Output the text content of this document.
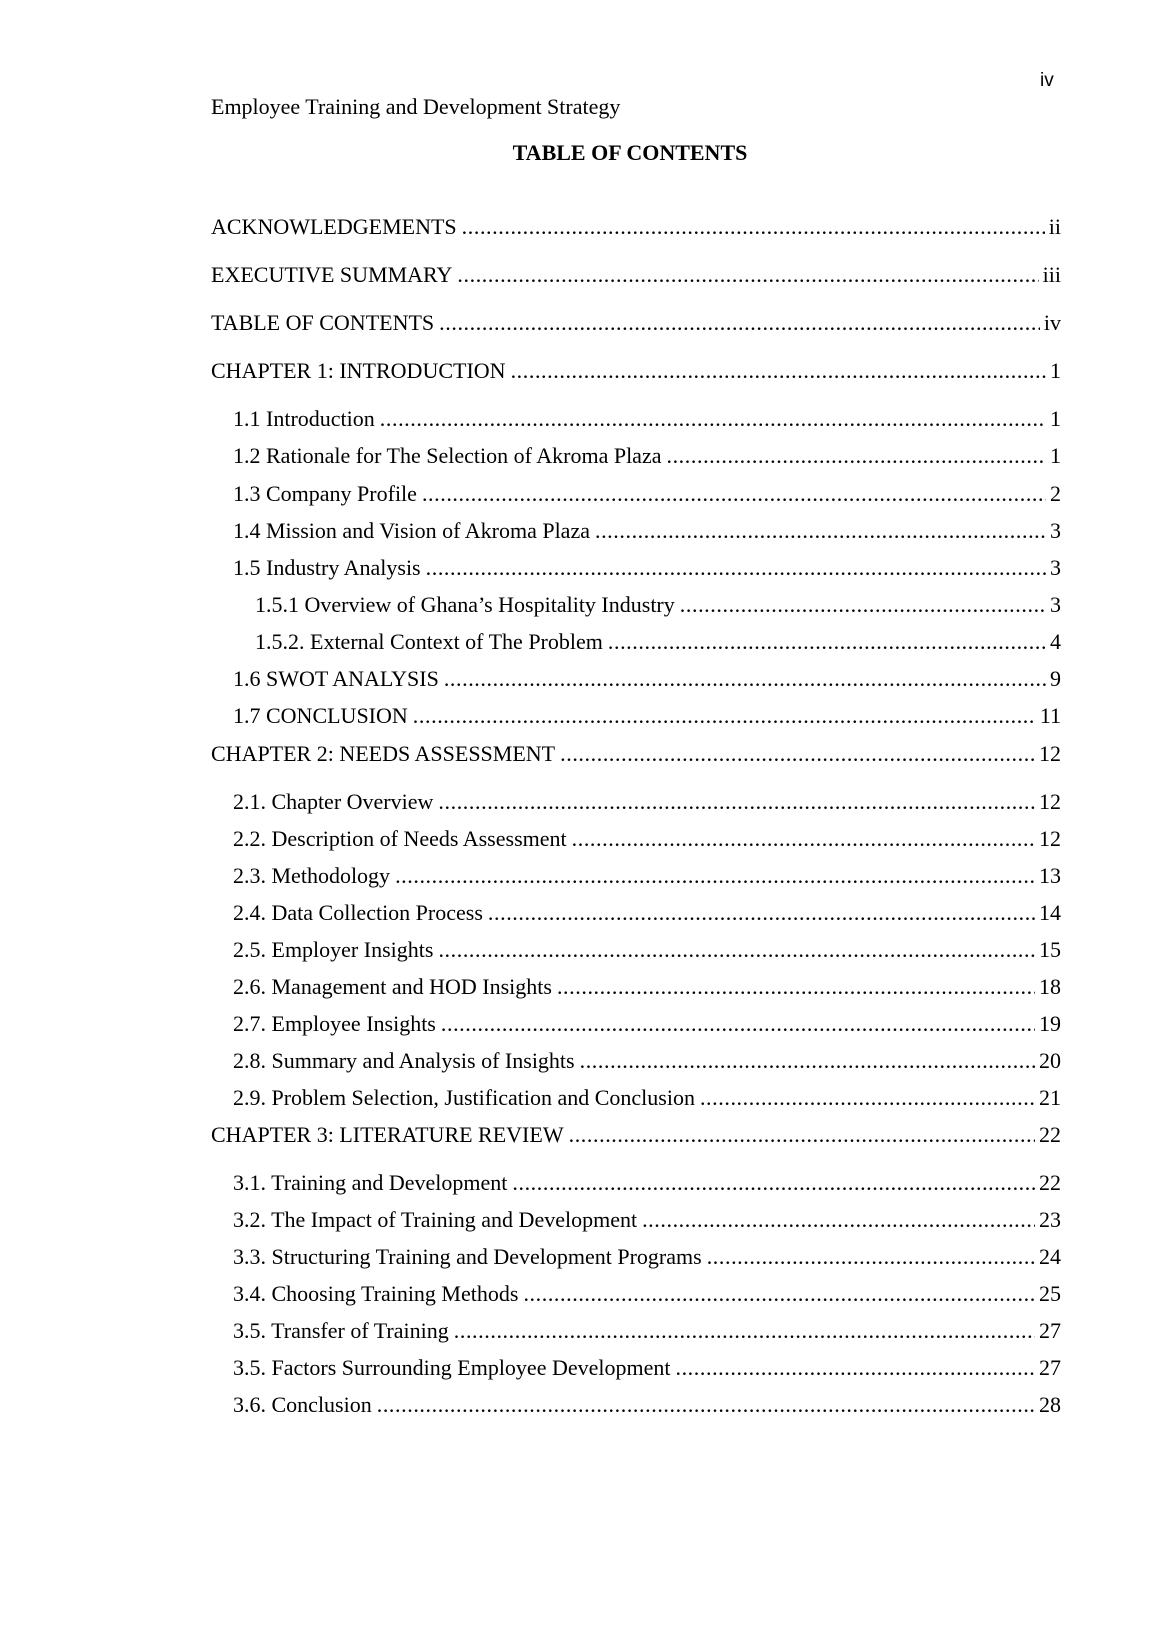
iv
Employee Training and Development Strategy
TABLE OF CONTENTS
ACKNOWLEDGEMENTS .....	ii
EXECUTIVE SUMMARY .....	iii
TABLE OF CONTENTS .....	iv
CHAPTER 1: INTRODUCTION .....	1
1.1 Introduction .....	1
1.2 Rationale for The Selection of Akroma Plaza .....	1
1.3 Company Profile .....	2
1.4 Mission and Vision of Akroma Plaza .....	3
1.5 Industry Analysis .....	3
1.5.1 Overview of Ghana’s Hospitality Industry .....	3
1.5.2. External Context of The Problem .....	4
1.6 SWOT ANALYSIS .....	9
1.7 CONCLUSION .....	11
CHAPTER 2: NEEDS ASSESSMENT .....	12
2.1. Chapter Overview .....	12
2.2. Description of Needs Assessment .....	12
2.3. Methodology .....	13
2.4. Data Collection Process .....	14
2.5. Employer Insights .....	15
2.6. Management and HOD Insights .....	18
2.7. Employee Insights .....	19
2.8. Summary and Analysis of Insights .....	20
2.9. Problem Selection, Justification and Conclusion .....	21
CHAPTER 3: LITERATURE REVIEW .....	22
3.1. Training and Development .....	22
3.2. The Impact of Training and Development .....	23
3.3. Structuring Training and Development Programs .....	24
3.4. Choosing Training Methods .....	25
3.5. Transfer of Training .....	27
3.5. Factors Surrounding Employee Development .....	27
3.6. Conclusion .....	28
